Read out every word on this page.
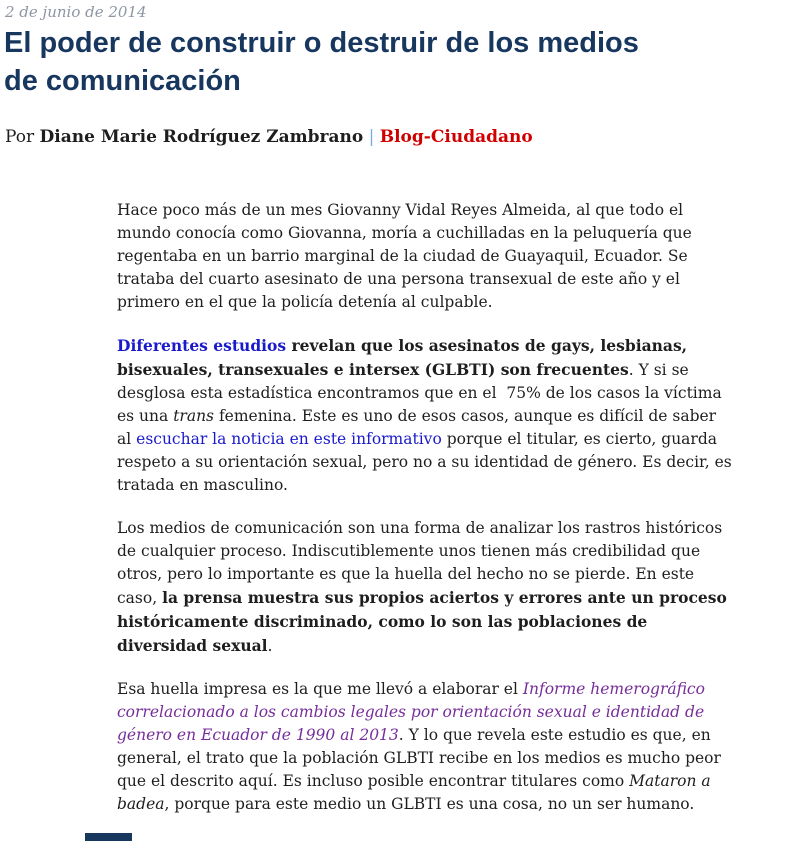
2 de junio de 2014
El poder de construir o destruir de los medios
de comunicación
Por Diane Marie Rodríguez Zambrano | Blog-Ciudadano

Hace poco más de un mes Giovanny Vidal Reyes Almeida, al que todo el mundo conocía como Giovanna, moría a cuchilladas en la peluquería que regentaba en un barrio marginal de la ciudad de Guayaquil, Ecuador. Se trataba del cuarto asesinato de una persona transexual de este año y el primero en el que la policía detenía al culpable.

Diferentes estudios revelan que los asesinatos de gays, lesbianas, bisexuales, transexuales e intersex (GLBTI) son frecuentes. Y si se desglosa esta estadística encontramos que en el  75% de los casos la víctima es una trans femenina. Este es uno de esos casos, aunque es difícil de saber al escuchar la noticia en este informativo porque el titular, es cierto, guarda respeto a su orientación sexual, pero no a su identidad de género. Es decir, es tratada en masculino.

Los medios de comunicación son una forma de analizar los rastros históricos de cualquier proceso. Indiscutiblemente unos tienen más credibilidad que otros, pero lo importante es que la huella del hecho no se pierde. En este caso, la prensa muestra sus propios aciertos y errores ante un proceso históricamente discriminado, como lo son las poblaciones de diversidad sexual.

Esa huella impresa es la que me llevó a elaborar el Informe hemerográfico correlacionado a los cambios legales por orientación sexual e identidad de género en Ecuador de 1990 al 2013. Y lo que revela este estudio es que, en general, el trato que la población GLBTI recibe en los medios es mucho peor que el descrito aquí. Es incluso posible encontrar titulares como Mataron a badea, porque para este medio un GLBTI es una cosa, no un ser humano.
